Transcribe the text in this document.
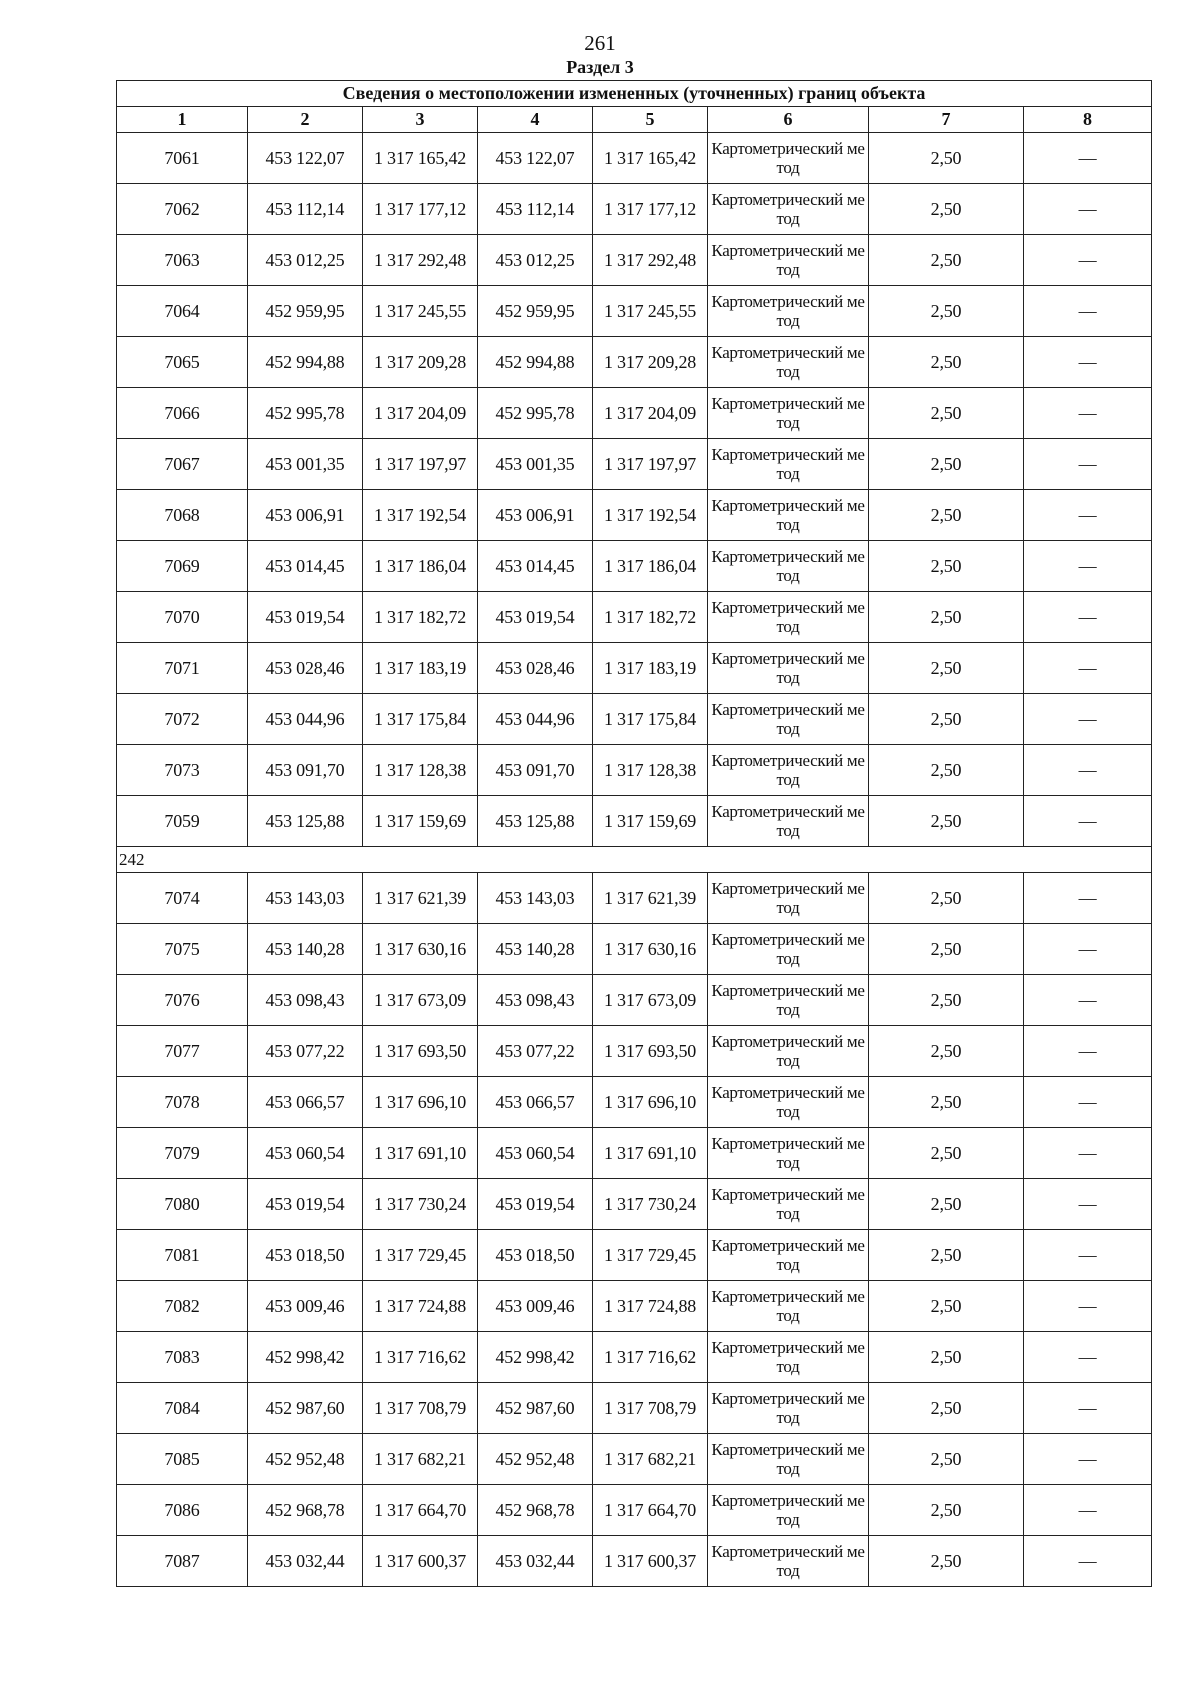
261
Раздел 3
Сведения о местоположении измененных (уточненных) границ объекта							
1	2	3	4	5	6	7	8
7061	453 122,07	1 317 165,42	453 122,07	1 317 165,42	Картометрический метод	2,50	—
7062	453 112,14	1 317 177,12	453 112,14	1 317 177,12	Картометрический метод	2,50	—
7063	453 012,25	1 317 292,48	453 012,25	1 317 292,48	Картометрический метод	2,50	—
7064	452 959,95	1 317 245,55	452 959,95	1 317 245,55	Картометрический метод	2,50	—
7065	452 994,88	1 317 209,28	452 994,88	1 317 209,28	Картометрический метод	2,50	—
7066	452 995,78	1 317 204,09	452 995,78	1 317 204,09	Картометрический метод	2,50	—
7067	453 001,35	1 317 197,97	453 001,35	1 317 197,97	Картометрический метод	2,50	—
7068	453 006,91	1 317 192,54	453 006,91	1 317 192,54	Картометрический метод	2,50	—
7069	453 014,45	1 317 186,04	453 014,45	1 317 186,04	Картометрический метод	2,50	—
7070	453 019,54	1 317 182,72	453 019,54	1 317 182,72	Картометрический метод	2,50	—
7071	453 028,46	1 317 183,19	453 028,46	1 317 183,19	Картометрический метод	2,50	—
7072	453 044,96	1 317 175,84	453 044,96	1 317 175,84	Картометрический метод	2,50	—
7073	453 091,70	1 317 128,38	453 091,70	1 317 128,38	Картометрический метод	2,50	—
7059	453 125,88	1 317 159,69	453 125,88	1 317 159,69	Картометрический метод	2,50	—
242							
7074	453 143,03	1 317 621,39	453 143,03	1 317 621,39	Картометрический метод	2,50	—
7075	453 140,28	1 317 630,16	453 140,28	1 317 630,16	Картометрический метод	2,50	—
7076	453 098,43	1 317 673,09	453 098,43	1 317 673,09	Картометрический метод	2,50	—
7077	453 077,22	1 317 693,50	453 077,22	1 317 693,50	Картометрический метод	2,50	—
7078	453 066,57	1 317 696,10	453 066,57	1 317 696,10	Картометрический метод	2,50	—
7079	453 060,54	1 317 691,10	453 060,54	1 317 691,10	Картометрический метод	2,50	—
7080	453 019,54	1 317 730,24	453 019,54	1 317 730,24	Картометрический метод	2,50	—
7081	453 018,50	1 317 729,45	453 018,50	1 317 729,45	Картометрический метод	2,50	—
7082	453 009,46	1 317 724,88	453 009,46	1 317 724,88	Картометрический метод	2,50	—
7083	452 998,42	1 317 716,62	452 998,42	1 317 716,62	Картометрический метод	2,50	—
7084	452 987,60	1 317 708,79	452 987,60	1 317 708,79	Картометрический метод	2,50	—
7085	452 952,48	1 317 682,21	452 952,48	1 317 682,21	Картометрический метод	2,50	—
7086	452 968,78	1 317 664,70	452 968,78	1 317 664,70	Картометрический метод	2,50	—
7087	453 032,44	1 317 600,37	453 032,44	1 317 600,37	Картометрический метод	2,50	—
